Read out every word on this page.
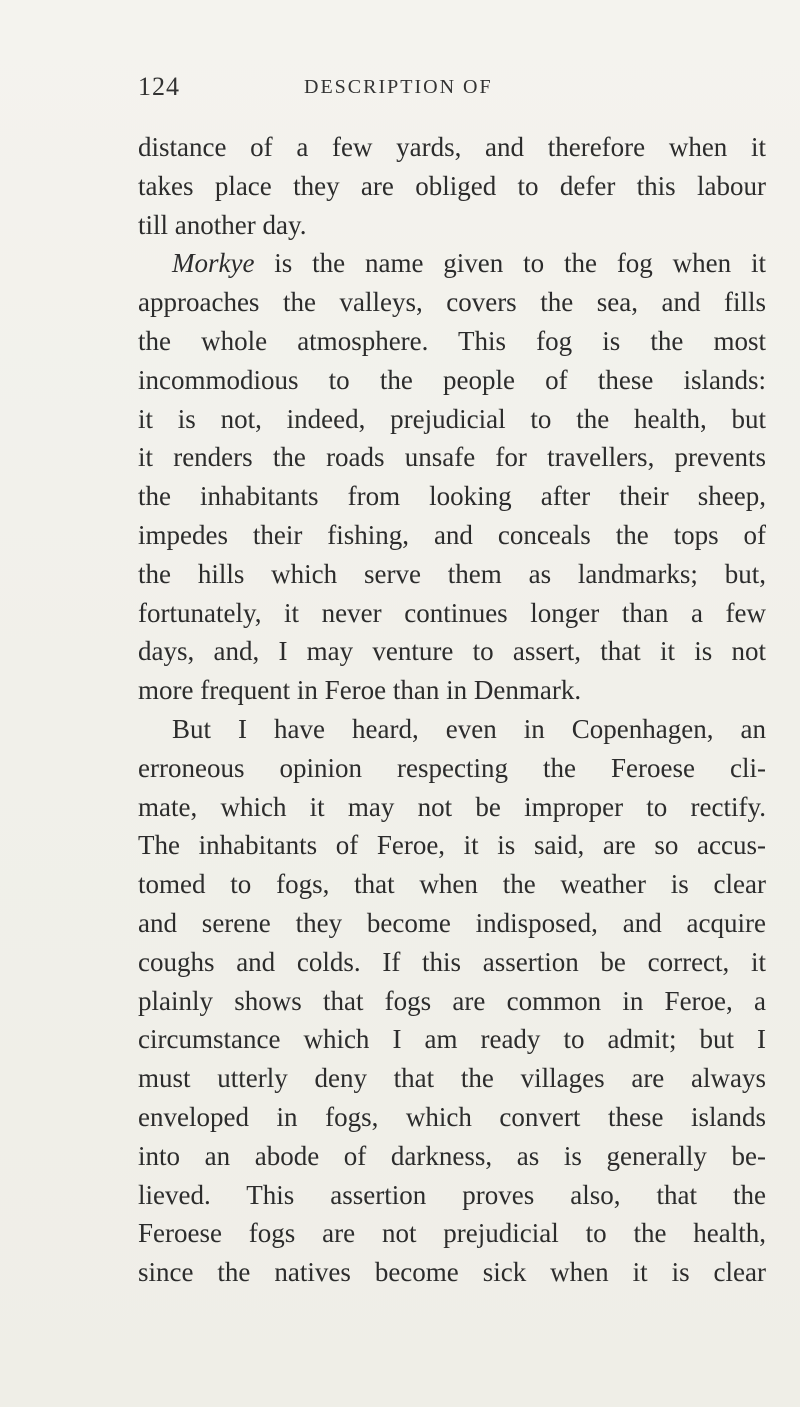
124	DESCRIPTION OF
distance of a few yards, and therefore when it
takes place they are obliged to defer this labour
till another day.
Morkye is the name given to the fog when it
approaches the valleys, covers the sea, and fills
the whole atmosphere. This fog is the most
incommodious to the people of these islands:
it is not, indeed, prejudicial to the health, but
it renders the roads unsafe for travellers, prevents
the inhabitants from looking after their sheep,
impedes their fishing, and conceals the tops of
the hills which serve them as landmarks; but,
fortunately, it never continues longer than a few
days, and, I may venture to assert, that it is not
more frequent in Feroe than in Denmark.
But I have heard, even in Copenhagen, an
erroneous opinion respecting the Feroese cli-
mate, which it may not be improper to rectify.
The inhabitants of Feroe, it is said, are so accus-
tomed to fogs, that when the weather is clear
and serene they become indisposed, and acquire
coughs and colds. If this assertion be correct, it
plainly shows that fogs are common in Feroe, a
circumstance which I am ready to admit; but I
must utterly deny that the villages are always
enveloped in fogs, which convert these islands
into an abode of darkness, as is generally be-
lieved. This assertion proves also, that the
Feroese fogs are not prejudicial to the health,
since the natives become sick when it is clear
